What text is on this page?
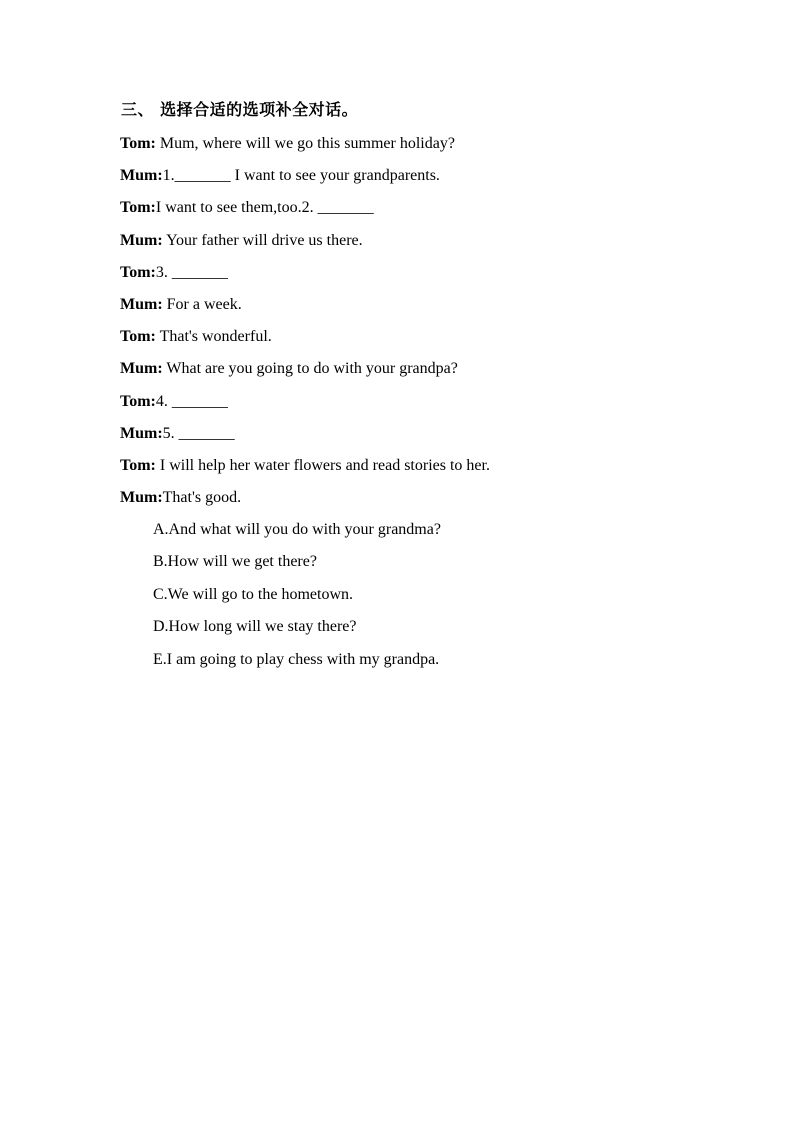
三、 选择合适的选项补全对话。
Tom: Mum, where will we go this summer holiday?
Mum:1._______ I want to see your grandparents.
Tom:I want to see them,too.2. _______
Mum: Your father will drive us there.
Tom:3. _______
Mum: For a week.
Tom: That's wonderful.
Mum: What are you going to do with your grandpa?
Tom:4. _______
Mum:5. _______
Tom: I will help her water flowers and read stories to her.
Mum:That's good.
A.And what will you do with your grandma?
B.How will we get there?
C.We will go to the hometown.
D.How long will we stay there?
E.I am going to play chess with my grandpa.
